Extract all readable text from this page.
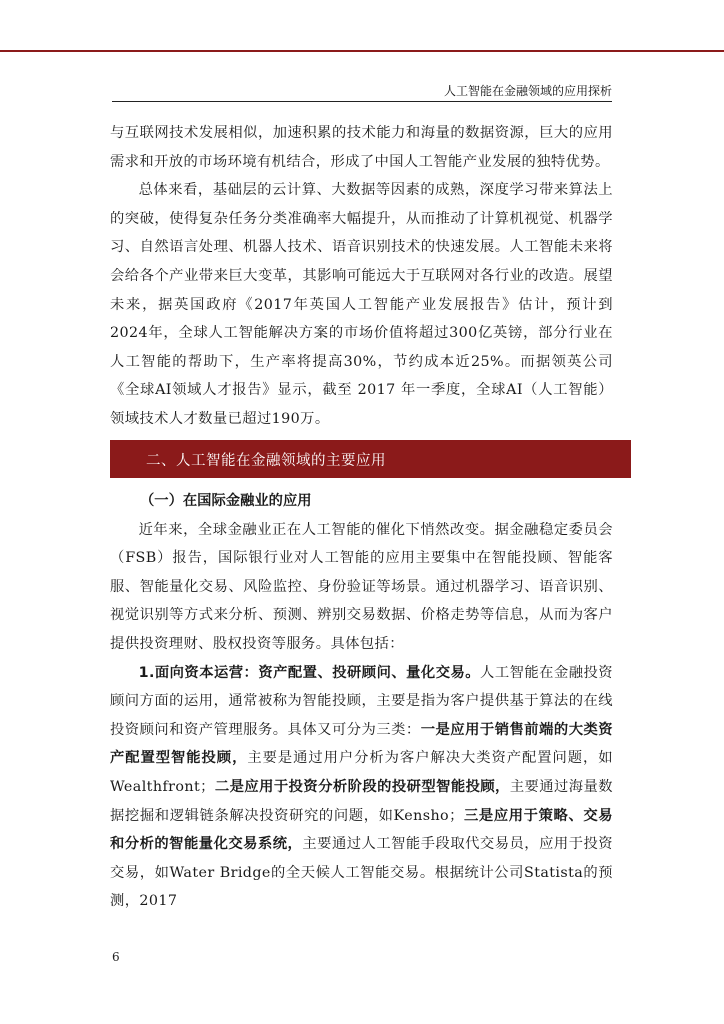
人工智能在金融领域的应用探析

与互联网技术发展相似，加速积累的技术能力和海量的数据资源，巨大的应用需求和开放的市场环境有机结合，形成了中国人工智能产业发展的独特优势。

总体来看，基础层的云计算、大数据等因素的成熟，深度学习带来算法上的突破，使得复杂任务分类准确率大幅提升，从而推动了计算机视觉、机器学习、自然语言处理、机器人技术、语音识别技术的快速发展。人工智能未来将会给各个产业带来巨大变革，其影响可能远大于互联网对各行业的改造。展望未来，据英国政府《2017年英国人工智能产业发展报告》估计，预计到 2024年，全球人工智能解决方案的市场价值将超过300亿英镑，部分行业在人工智能的帮助下，生产率将提高30%，节约成本近25%。而据领英公司《全球AI领域人才报告》显示，截至 2017 年一季度，全球AI（人工智能）领域技术人才数量已超过190万。

二、人工智能在金融领域的主要应用

（一）在国际金融业的应用

近年来，全球金融业正在人工智能的催化下悄然改变。据金融稳定委员会（FSB）报告，国际银行业对人工智能的应用主要集中在智能投顾、智能客服、智能量化交易、风险监控、身份验证等场景。通过机器学习、语音识别、视觉识别等方式来分析、预测、辨别交易数据、价格走势等信息，从而为客户提供投资理财、股权投资等服务。具体包括：

1.面向资本运营：资产配置、投研顾问、量化交易。人工智能在金融投资顾问方面的运用，通常被称为智能投顾，主要是指为客户提供基于算法的在线投资顾问和资产管理服务。具体又可分为三类：一是应用于销售前端的大类资产配置型智能投顾，主要是通过用户分析为客户解决大类资产配置问题，如Wealthfront；二是应用于投资分析阶段的投研型智能投顾，主要通过海量数据挖掘和逻辑链条解决投资研究的问题，如Kensho；三是应用于策略、交易和分析的智能量化交易系统，主要通过人工智能手段取代交易员，应用于投资交易，如Water Bridge的全天候人工智能交易。根据统计公司Statista的预测，2017

6
